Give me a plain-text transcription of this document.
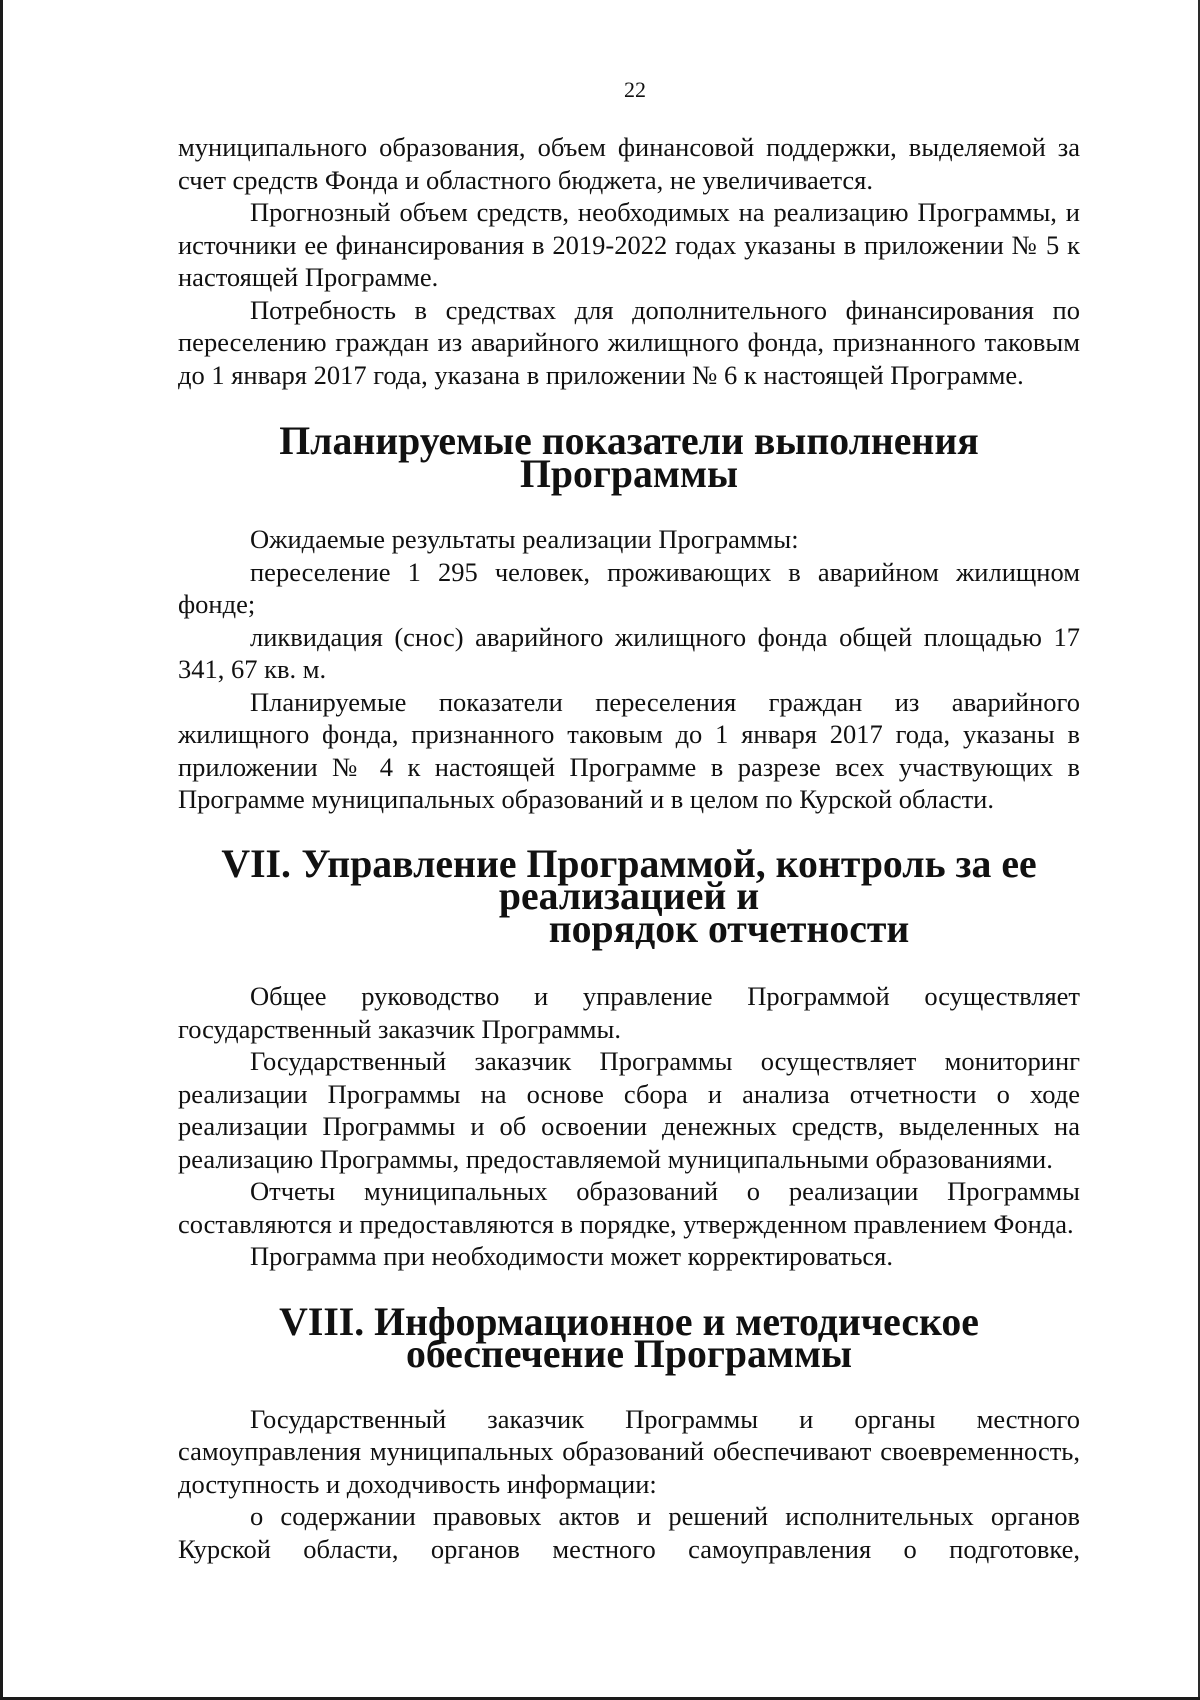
22

муниципального образования, объем финансовой поддержки, выделяемой за счет средств Фонда и областного бюджета, не увеличивается.

Прогнозный объем средств, необходимых на реализацию Программы, и источники ее финансирования в 2019-2022 годах указаны в приложении № 5 к настоящей Программе.

Потребность в средствах для дополнительного финансирования по переселению граждан из аварийного жилищного фонда, признанного таковым до 1 января 2017 года, указана в приложении № 6 к настоящей Программе.

Планируемые показатели выполнения Программы

Ожидаемые результаты реализации Программы:

переселение 1 295 человек, проживающих в аварийном жилищном фонде;

ликвидация (снос) аварийного жилищного фонда общей площадью 17 341, 67 кв. м.

Планируемые показатели переселения граждан из аварийного жилищного фонда, признанного таковым до 1 января 2017 года, указаны в приложении № 4 к настоящей Программе в разрезе всех участвующих в Программе муниципальных образований и в целом по Курской области.

VII. Управление Программой, контроль за ее реализацией и
порядок отчетности

Общее руководство и управление Программой осуществляет государственный заказчик Программы.

Государственный заказчик Программы осуществляет мониторинг реализации Программы на основе сбора и анализа отчетности о ходе реализации Программы и об освоении денежных средств, выделенных на реализацию Программы, предоставляемой муниципальными образованиями.

Отчеты муниципальных образований о реализации Программы составляются и предоставляются в порядке, утвержденном правлением Фонда.

Программа при необходимости может корректироваться.

VIII. Информационное и методическое обеспечение Программы

Государственный заказчик Программы и органы местного самоуправления муниципальных образований обеспечивают своевременность, доступность и доходчивость информации:

о содержании правовых актов и решений исполнительных органов Курской области, органов местного самоуправления о подготовке,
